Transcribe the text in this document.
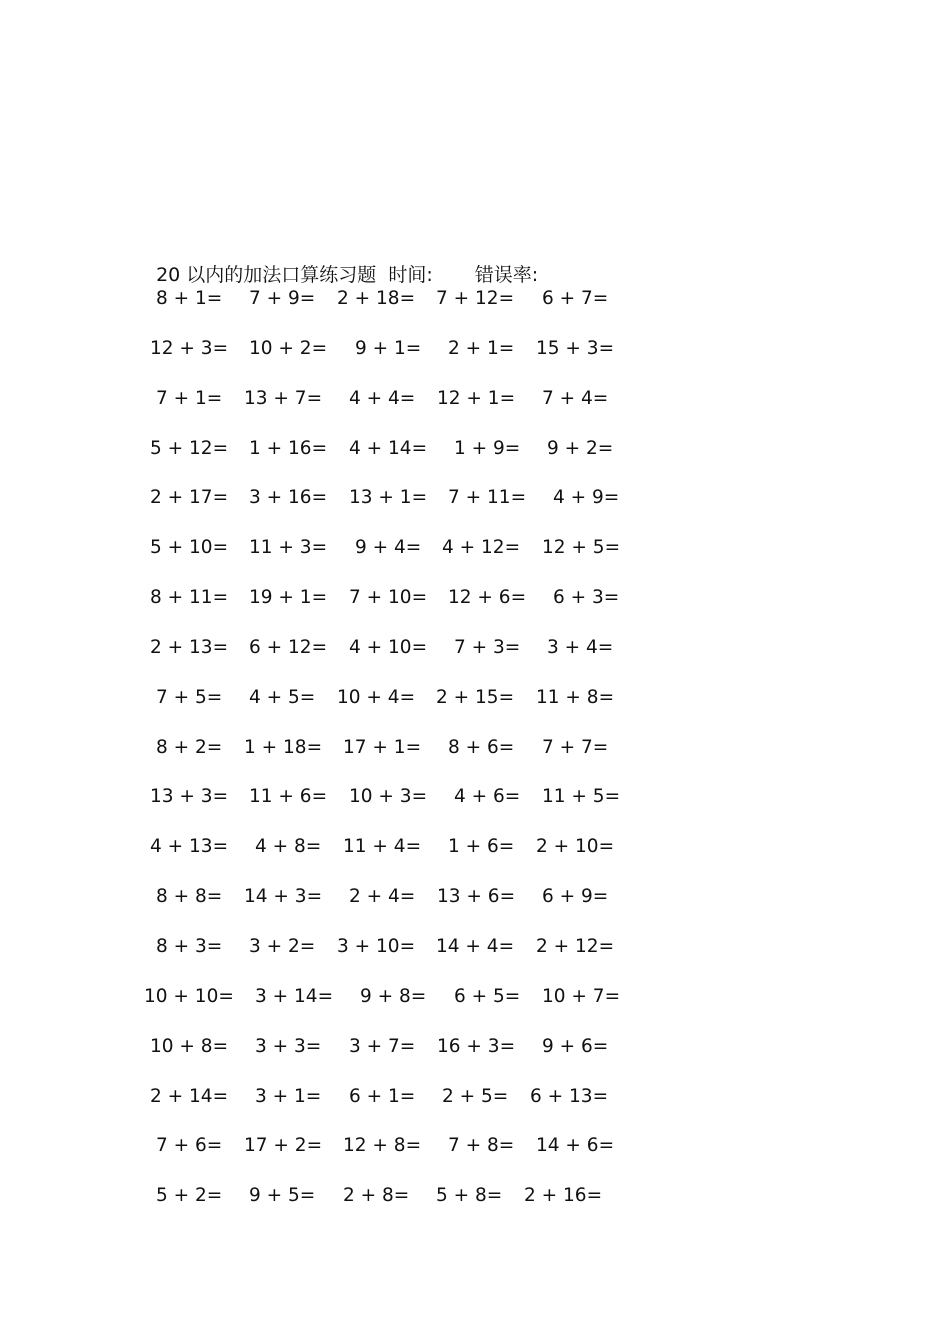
20 以内的加法口算练习题 时间: 错误率:

8 + 1= 7 + 9= 2 + 18= 7 + 12= 6 + 7=
12 + 3= 10 + 2= 9 + 1= 2 + 1= 15 + 3=
7 + 1= 13 + 7= 4 + 4= 12 + 1= 7 + 4=
5 + 12= 1 + 16= 4 + 14= 1 + 9= 9 + 2=
2 + 17= 3 + 16= 13 + 1= 7 + 11= 4 + 9=
5 + 10= 11 + 3= 9 + 4= 4 + 12= 12 + 5=
8 + 11= 19 + 1= 7 + 10= 12 + 6= 6 + 3=
2 + 13= 6 + 12= 4 + 10= 7 + 3= 3 + 4=
7 + 5= 4 + 5= 10 + 4= 2 + 15= 11 + 8=
8 + 2= 1 + 18= 17 + 1= 8 + 6= 7 + 7=
13 + 3= 11 + 6= 10 + 3= 4 + 6= 11 + 5=
4 + 13= 4 + 8= 11 + 4= 1 + 6= 2 + 10=
8 + 8= 14 + 3= 2 + 4= 13 + 6= 6 + 9=
8 + 3= 3 + 2= 3 + 10= 14 + 4= 2 + 12=
10 + 10= 3 + 14= 9 + 8= 6 + 5= 10 + 7=
10 + 8= 3 + 3= 3 + 7= 16 + 3= 9 + 6=
2 + 14= 3 + 1= 6 + 1= 2 + 5= 6 + 13=
7 + 6= 17 + 2= 12 + 8= 7 + 8= 14 + 6=
5 + 2= 9 + 5= 2 + 8= 5 + 8= 2 + 16=
